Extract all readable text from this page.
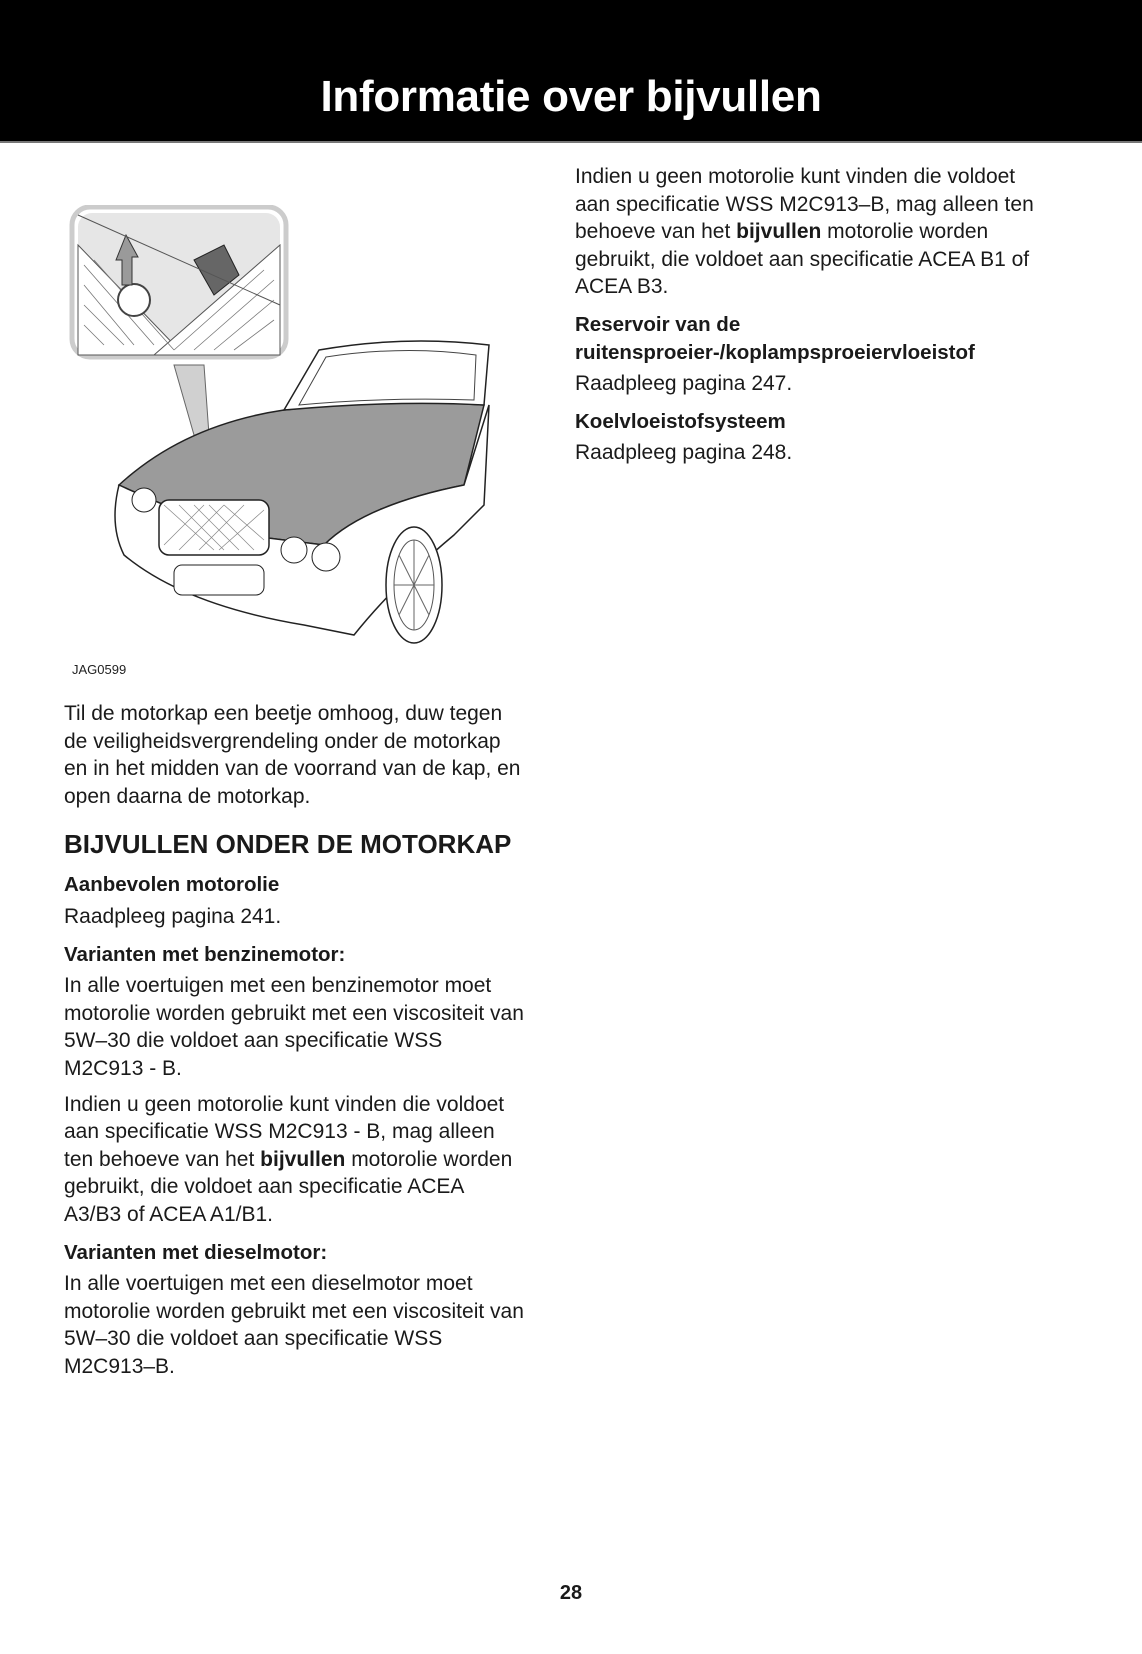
Informatie over bijvullen
JAG0599

Til de motorkap een beetje omhoog, duw tegen de veiligheidsvergrendeling onder de motorkap en in het midden van de voorrand van de kap, en open daarna de motorkap.

BIJVULLEN ONDER DE MOTORKAP
Aanbevolen motorolie

Raadpleeg pagina 241.

Varianten met benzinemotor:

In alle voertuigen met een benzinemotor moet motorolie worden gebruikt met een viscositeit van 5W–30 die voldoet aan specificatie WSS M2C913 - B.

Indien u geen motorolie kunt vinden die voldoet aan specificatie WSS M2C913 - B, mag alleen ten behoeve van het bijvullen motorolie worden gebruikt, die voldoet aan specificatie ACEA A3/B3 of ACEA A1/B1.

Varianten met dieselmotor:

In alle voertuigen met een dieselmotor moet motorolie worden gebruikt met een viscositeit van 5W–30 die voldoet aan specificatie WSS M2C913–B.

Indien u geen motorolie kunt vinden die voldoet aan specificatie WSS M2C913–B, mag alleen ten behoeve van het bijvullen motorolie worden gebruikt, die voldoet aan specificatie ACEA B1 of ACEA B3.

Reservoir van de ruitensproeier-/koplampsproeiervloeistof

Raadpleeg pagina 247.

Koelvloeistofsysteem

Raadpleeg pagina 248.

28
